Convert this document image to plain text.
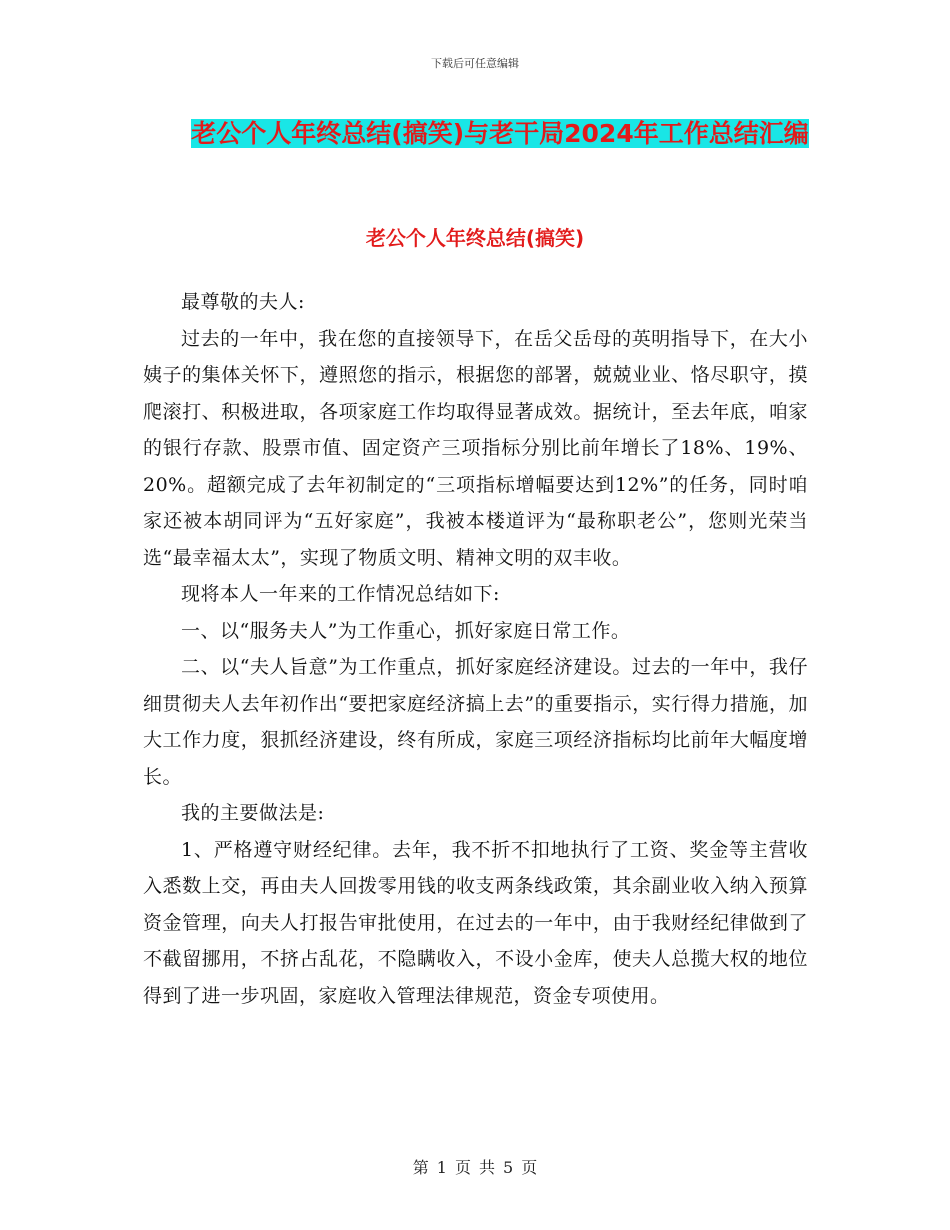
下载后可任意编辑
老公个人年终总结(搞笑)与老干局2024年工作总结汇编
老公个人年终总结(搞笑)

最尊敬的夫人:

过去的一年中，我在您的直接领导下，在岳父岳母的英明指导下，在大小姨子的集体关怀下，遵照您的指示，根据您的部署，兢兢业业、恪尽职守，摸爬滚打、积极进取，各项家庭工作均取得显著成效。据统计，至去年底，咱家的银行存款、股票市值、固定资产三项指标分别比前年增长了18%、19%、20%。超额完成了去年初制定的“三项指标增幅要达到12%”的任务，同时咱家还被本胡同评为“五好家庭”，我被本楼道评为“最称职老公”，您则光荣当选“最幸福太太”，实现了物质文明、精神文明的双丰收。

现将本人一年来的工作情况总结如下:

一、以“服务夫人”为工作重心，抓好家庭日常工作。

二、以“夫人旨意”为工作重点，抓好家庭经济建设。过去的一年中，我仔细贯彻夫人去年初作出“要把家庭经济搞上去”的重要指示，实行得力措施，加大工作力度，狠抓经济建设，终有所成，家庭三项经济指标均比前年大幅度增长。

我的主要做法是:

1、严格遵守财经纪律。去年，我不折不扣地执行了工资、奖金等主营收入悉数上交，再由夫人回拨零用钱的收支两条线政策，其余副业收入纳入预算资金管理，向夫人打报告审批使用，在过去的一年中，由于我财经纪律做到了不截留挪用，不挤占乱花，不隐瞒收入，不设小金库，使夫人总揽大权的地位得到了进一步巩固，家庭收入管理法律规范，资金专项使用。

第 1 页 共 5 页
